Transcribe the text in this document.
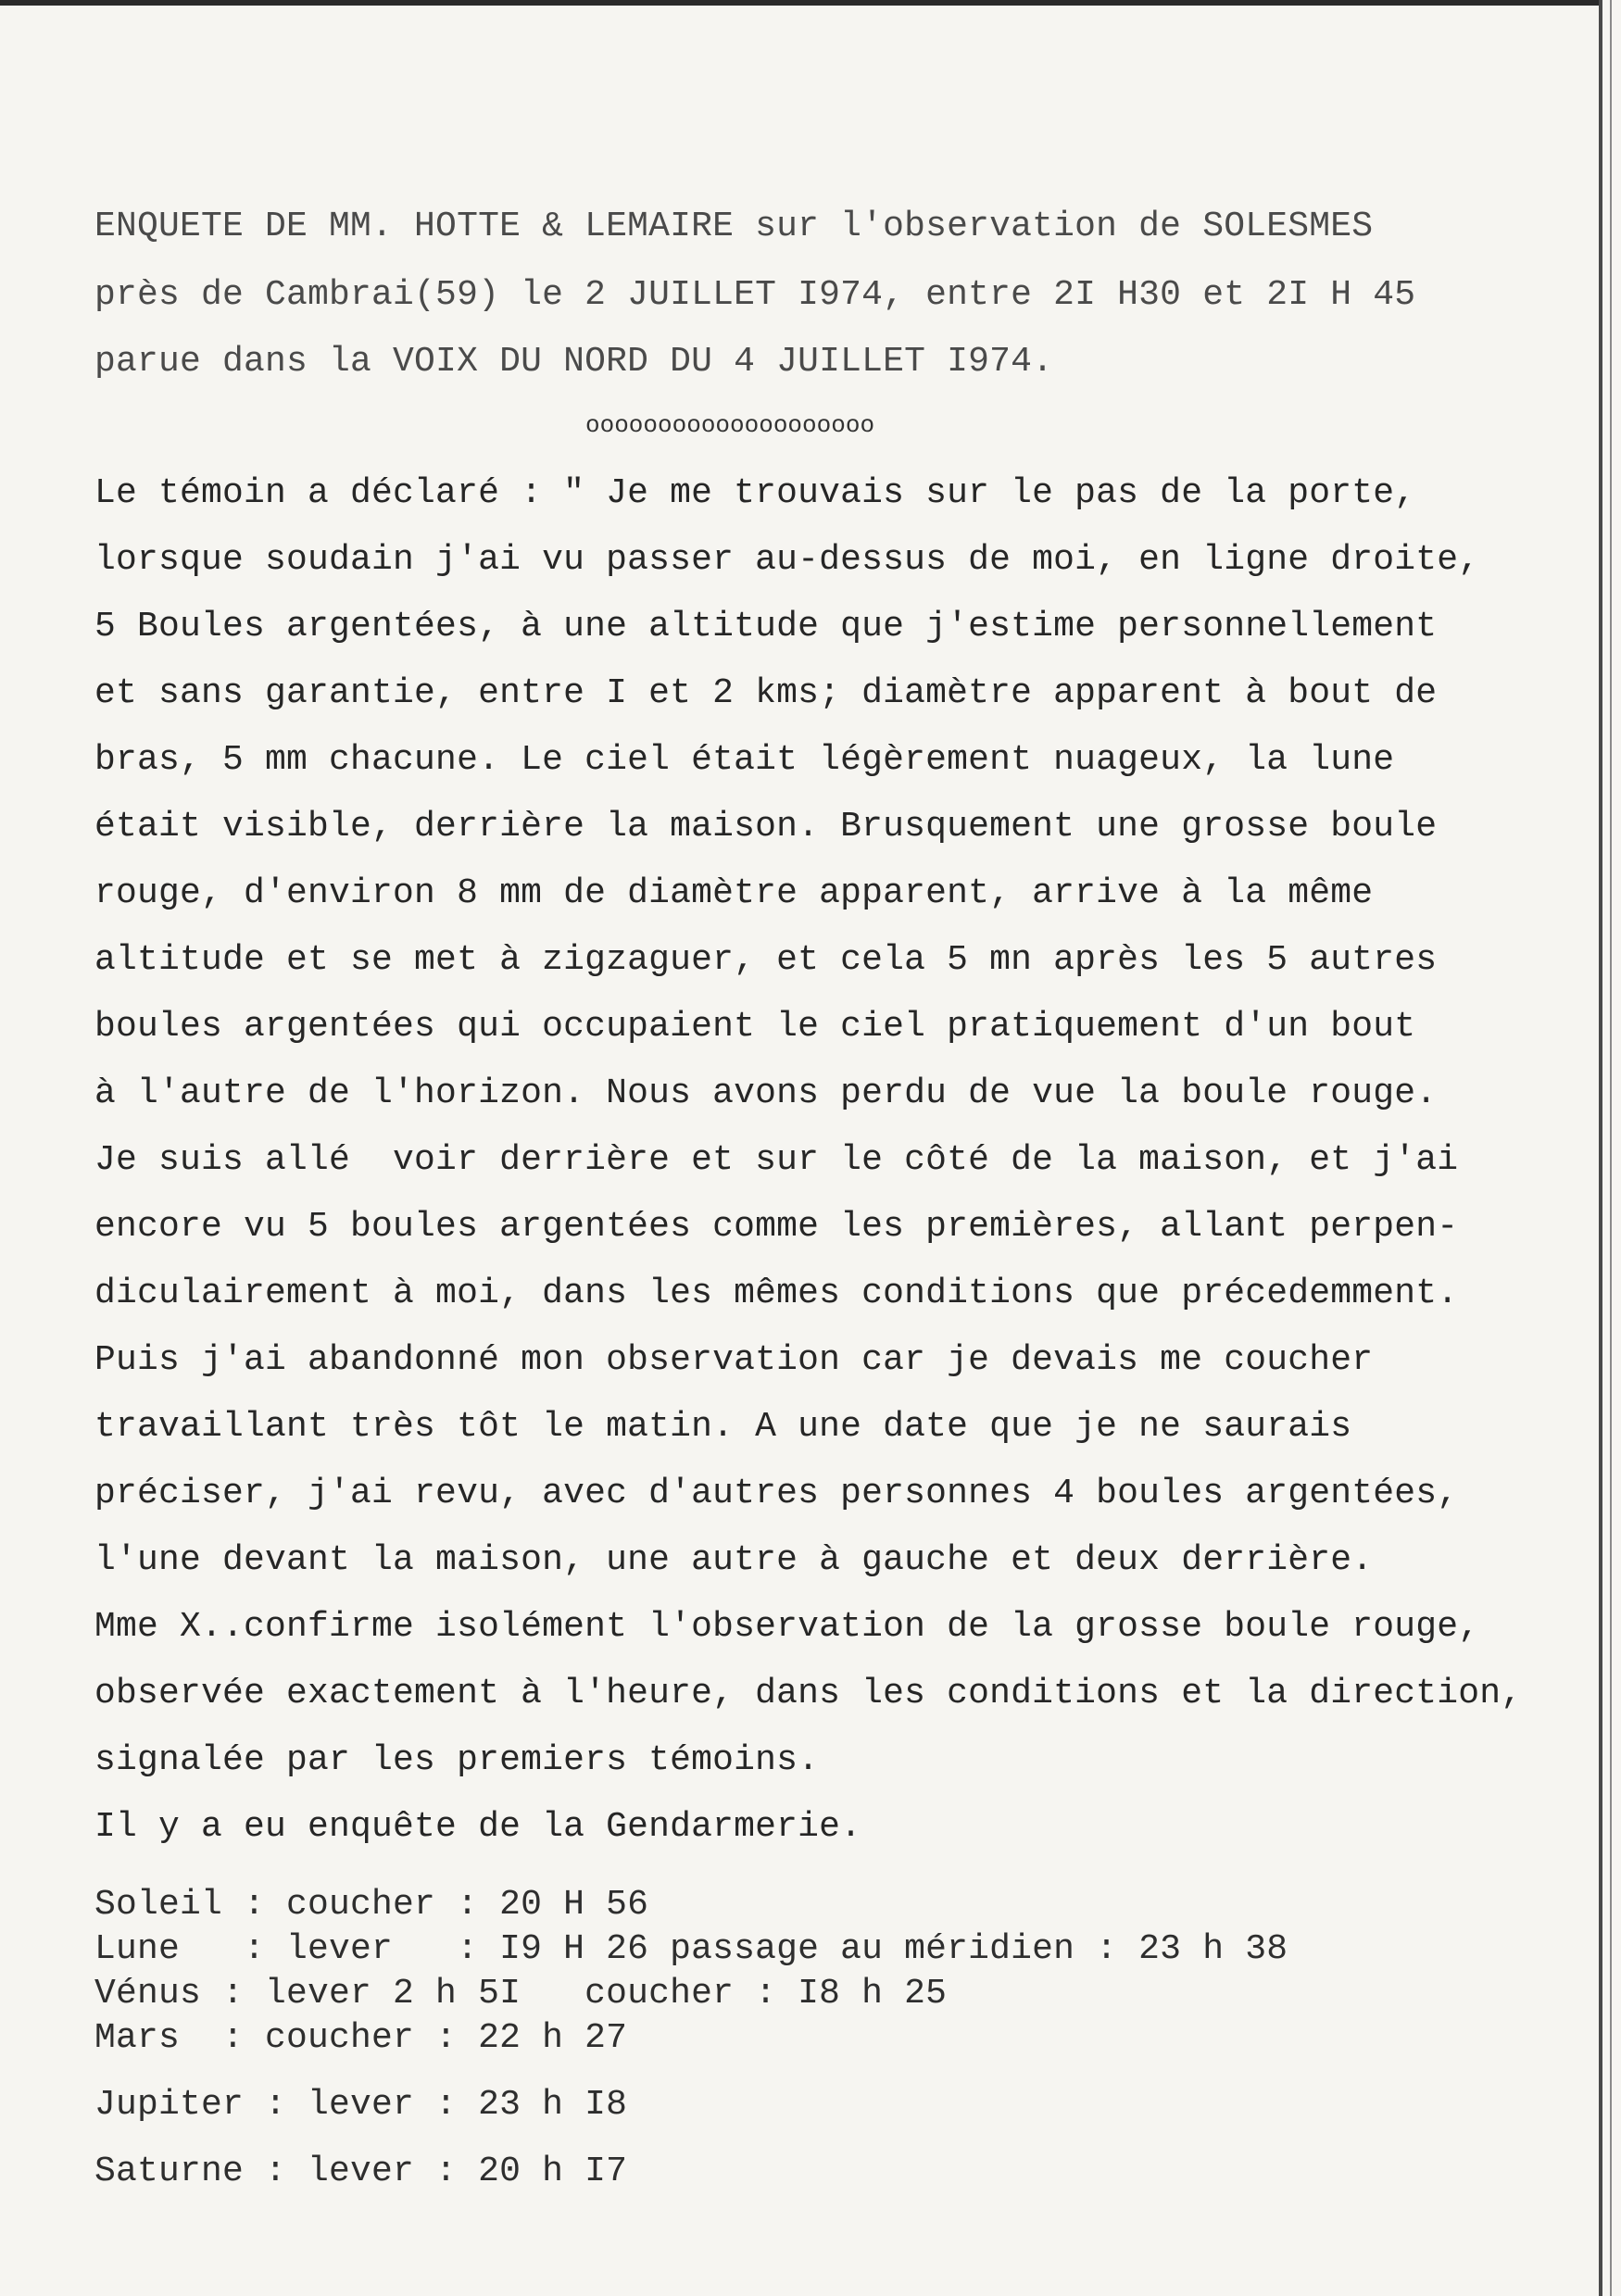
ENQUETE DE MM. HOTTE & LEMAIRE sur l'observation de SOLESMES
près de Cambrai(59) le 2 JUILLET I974, entre 2I H30 et 2I H 45
parue dans la VOIX DU NORD DU 4 JUILLET I974.
oooooooooooooooooooo
Le témoin a déclaré : " Je me trouvais sur le pas de la porte,
lorsque soudain j'ai vu passer au-dessus de moi, en ligne droite,
5 Boules argentées, à une altitude que j'estime personnellement
et sans garantie, entre I et 2 kms; diamètre apparent à bout de
bras, 5 mm chacune. Le ciel était légèrement nuageux, la lune
était visible, derrière la maison. Brusquement une grosse boule
rouge, d'environ 8 mm de diamètre apparent, arrive à la même
altitude et se met à zigzaguer, et cela 5 mn après les 5 autres
boules argentées qui occupaient le ciel pratiquement d'un bout
à l'autre de l'horizon. Nous avons perdu de vue la boule rouge.
Je suis allé  voir derrière et sur le côté de la maison, et j'ai
encore vu 5 boules argentées comme les premières, allant perpen-
diculairement à moi, dans les mêmes conditions que précedemment.
Puis j'ai abandonné mon observation car je devais me coucher
travaillant très tôt le matin. A une date que je ne saurais
préciser, j'ai revu, avec d'autres personnes 4 boules argentées,
l'une devant la maison, une autre à gauche et deux derrière.
Mme X..confirme isolément l'observation de la grosse boule rouge,
observée exactement à l'heure, dans les conditions et la direction,
signalée par les premiers témoins.
Il y a eu enquête de la Gendarmerie.
Soleil : coucher : 20 H 56
Lune   : lever   : I9 H 26 passage au méridien : 23 h 38
Vénus : lever 2 h 5I   coucher : I8 h 25
Mars  : coucher : 22 h 27
Jupiter : lever : 23 h I8
Saturne : lever : 20 h I7
